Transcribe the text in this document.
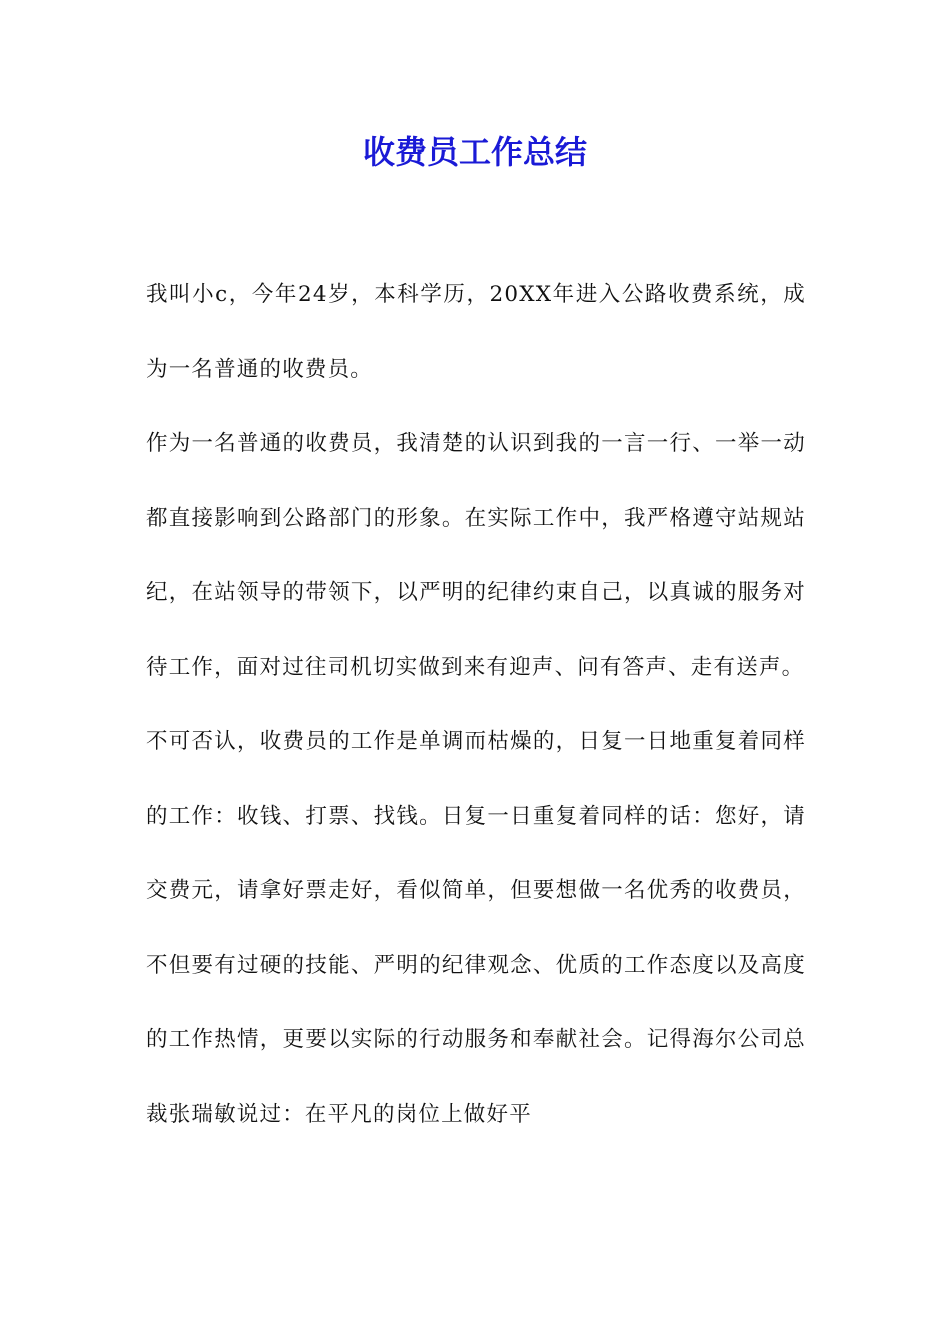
收费员工作总结

我叫小c，今年24岁，本科学历，20XX年进入公路收费系统，成为一名普通的收费员。

作为一名普通的收费员，我清楚的认识到我的一言一行、一举一动都直接影响到公路部门的形象。在实际工作中，我严格遵守站规站纪，在站领导的带领下，以严明的纪律约束自己，以真诚的服务对待工作，面对过往司机切实做到来有迎声、问有答声、走有送声。

不可否认，收费员的工作是单调而枯燥的，日复一日地重复着同样的工作：收钱、打票、找钱。日复一日重复着同样的话：您好，请交费元，请拿好票走好，看似简单，但要想做一名优秀的收费员，不但要有过硬的技能、严明的纪律观念、优质的工作态度以及高度的工作热情，更要以实际的行动服务和奉献社会。记得海尔公司总裁张瑞敏说过：在平凡的岗位上做好平
